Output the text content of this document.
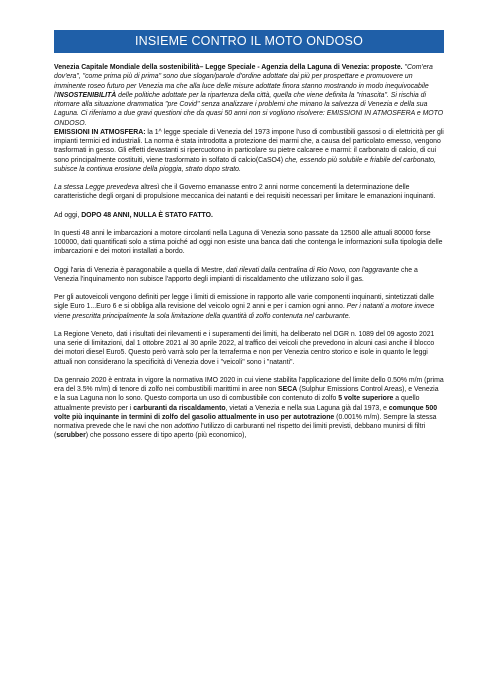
INSIEME CONTRO IL MOTO ONDOSO

Venezia Capitale Mondiale della sostenibilità– Legge Speciale - Agenzia della Laguna di Venezia: proposte. "Com'era dov'era", "come prima più di prima" sono due slogan/parole d'ordine adottate dai più per prospettare e promuovere un imminente roseo futuro per Venezia ma che alla luce delle misure adottate finora stanno mostrando in modo inequivocabile l'INSOSTENIBILITÀ delle politiche adottate per la ripartenza della città, quella che viene definita la "rinascita". Si rischia di ritornare alla situazione drammatica "pre Covid" senza analizzare i problemi che minano la salvezza di Venezia e della sua Laguna. Ci riferiamo a due gravi questioni che da quasi 50 anni non si vogliono risolvere: EMISSIONI IN ATMOSFERA e MOTO ONDOSO.

EMISSIONI IN ATMOSFERA: la 1^ legge speciale di Venezia del 1973 impone l'uso di combustibili gassosi o di elettricità per gli impianti termici ed industriali. La norma è stata introdotta a protezione dei marmi che, a causa del particolato emesso, vengono trasformati in gesso. Gli effetti devastanti si ripercuotono in particolare su pietre calcaree e marmi: il carbonato di calcio, di cui sono principalmente costituiti, viene trasformato in solfato di calcio(CaSO4) che, essendo più solubile e friabile del carbonato, subisce la continua erosione della pioggia, strato dopo strato.

La stessa Legge prevedeva altresì che il Governo emanasse entro 2 anni norme concernenti la determinazione delle caratteristiche degli organi di propulsione meccanica dei natanti e dei requisiti necessari per limitare le emanazioni inquinanti.

Ad oggi, DOPO 48 ANNI, NULLA È STATO FATTO.

In questi 48 anni le imbarcazioni a motore circolanti nella Laguna di Venezia sono passate da 12500 alle attuali 80000 forse 100000, dati quantificati solo a stima poiché ad oggi non esiste una banca dati che contenga le informazioni sulla tipologia delle imbarcazioni e dei motori installati a bordo.

Oggi l'aria di Venezia è paragonabile a quella di Mestre, dati rilevati dalla centralina di Rio Novo, con l'aggravante che a Venezia l'inquinamento non subisce l'apporto degli impianti di riscaldamento che utilizzano solo il gas.

Per gli autoveicoli vengono definiti per legge i limiti di emissione in rapporto alle varie componenti inquinanti, sintetizzati dalle sigle Euro 1...Euro 6 e si obbliga alla revisione del veicolo ogni 2 anni e per i camion ogni anno. Per i natanti a motore invece viene prescritta principalmente la sola limitazione della quantità di zolfo contenuta nel carburante.

La Regione Veneto, dati i risultati dei rilevamenti e i superamenti dei limiti, ha deliberato nel DGR n. 1089 del 09 agosto 2021 una serie di limitazioni, dal 1 ottobre 2021 al 30 aprile 2022, al traffico dei veicoli che prevedono in alcuni casi anche il blocco dei motori diesel Euro5. Questo però varrà solo per la terraferma e non per Venezia centro storico e isole in quanto le leggi attuali non considerano la specificità di Venezia dove i "veicoli" sono i "natanti".

Da gennaio 2020 è entrata in vigore la normativa IMO 2020 in cui viene stabilita l'applicazione del limite dello 0.50% m/m (prima era del 3.5% m/m) di tenore di zolfo nei combustibili marittimi in aree non SECA (Sulphur Emissions Control Areas), e Venezia e la sua Laguna non lo sono. Questo comporta un uso di combustibile con contenuto di zolfo 5 volte superiore a quello attualmente previsto per i carburanti da riscaldamento, vietati a Venezia e nella sua Laguna già dal 1973, e comunque 500 volte più inquinante in termini di zolfo del gasolio attualmente in uso per autotrazione (0.001% m/m). Sempre la stessa normativa prevede che le navi che non adottino l'utilizzo di carburanti nel rispetto dei limiti previsti, debbano munirsi di filtri (scrubber) che possono essere di tipo aperto (più economico),
